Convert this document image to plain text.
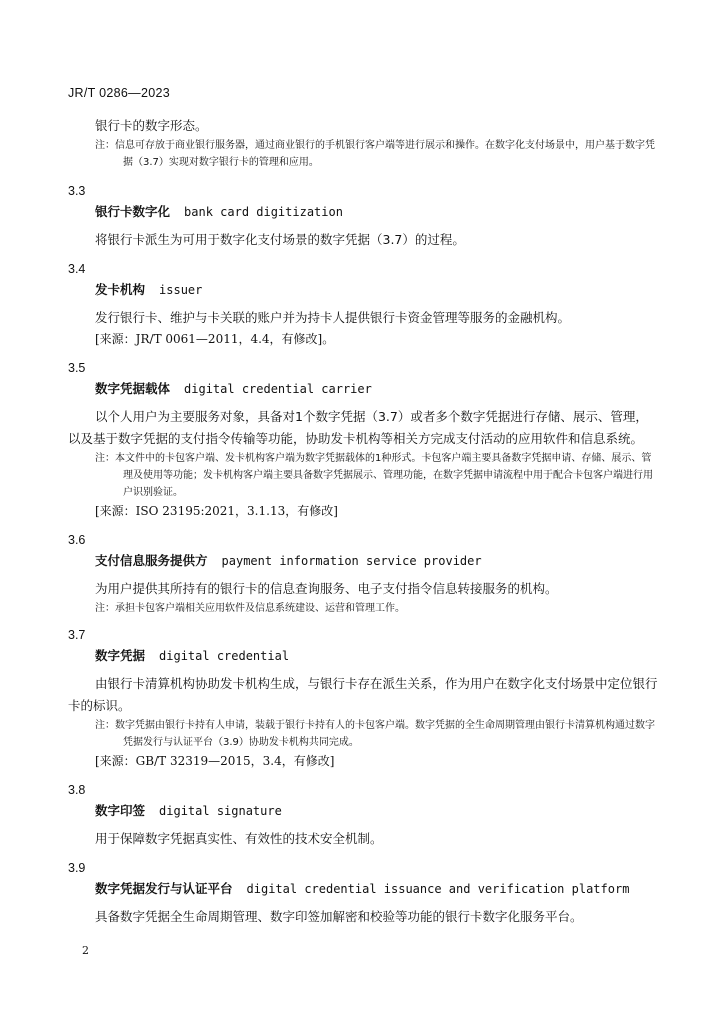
JR/T 0286—2023

银行卡的数字形态。

注：信息可存放于商业银行服务器，通过商业银行的手机银行客户端等进行展示和操作。在数字化支付场景中，用户基于数字凭据（3.7）实现对数字银行卡的管理和应用。

3.3

银行卡数字化 bank card digitization

将银行卡派生为可用于数字化支付场景的数字凭据（3.7）的过程。

3.4

发卡机构 issuer

发行银行卡、维护与卡关联的账户并为持卡人提供银行卡资金管理等服务的金融机构。

[来源：JR/T 0061—2011，4.4，有修改]。

3.5

数字凭据载体 digital credential carrier

以个人用户为主要服务对象，具备对1个数字凭据（3.7）或者多个数字凭据进行存储、展示、管理，以及基于数字凭据的支付指令传输等功能，协助发卡机构等相关方完成支付活动的应用软件和信息系统。

注：本文件中的卡包客户端、发卡机构客户端为数字凭据载体的1种形式。卡包客户端主要具备数字凭据申请、存储、展示、管理及使用等功能；发卡机构客户端主要具备数字凭据展示、管理功能，在数字凭据申请流程中用于配合卡包客户端进行用户识别验证。

[来源：ISO 23195:2021，3.1.13，有修改]

3.6

支付信息服务提供方 payment information service provider

为用户提供其所持有的银行卡的信息查询服务、电子支付指令信息转接服务的机构。

注：承担卡包客户端相关应用软件及信息系统建设、运营和管理工作。

3.7

数字凭据 digital credential

由银行卡清算机构协助发卡机构生成，与银行卡存在派生关系，作为用户在数字化支付场景中定位银行卡的标识。

注：数字凭据由银行卡持有人申请，装载于银行卡持有人的卡包客户端。数字凭据的全生命周期管理由银行卡清算机构通过数字凭据发行与认证平台（3.9）协助发卡机构共同完成。

[来源：GB/T 32319—2015，3.4，有修改]

3.8

数字印签 digital signature

用于保障数字凭据真实性、有效性的技术安全机制。

3.9

数字凭据发行与认证平台 digital credential issuance and verification platform

具备数字凭据全生命周期管理、数字印签加解密和校验等功能的银行卡数字化服务平台。

2
